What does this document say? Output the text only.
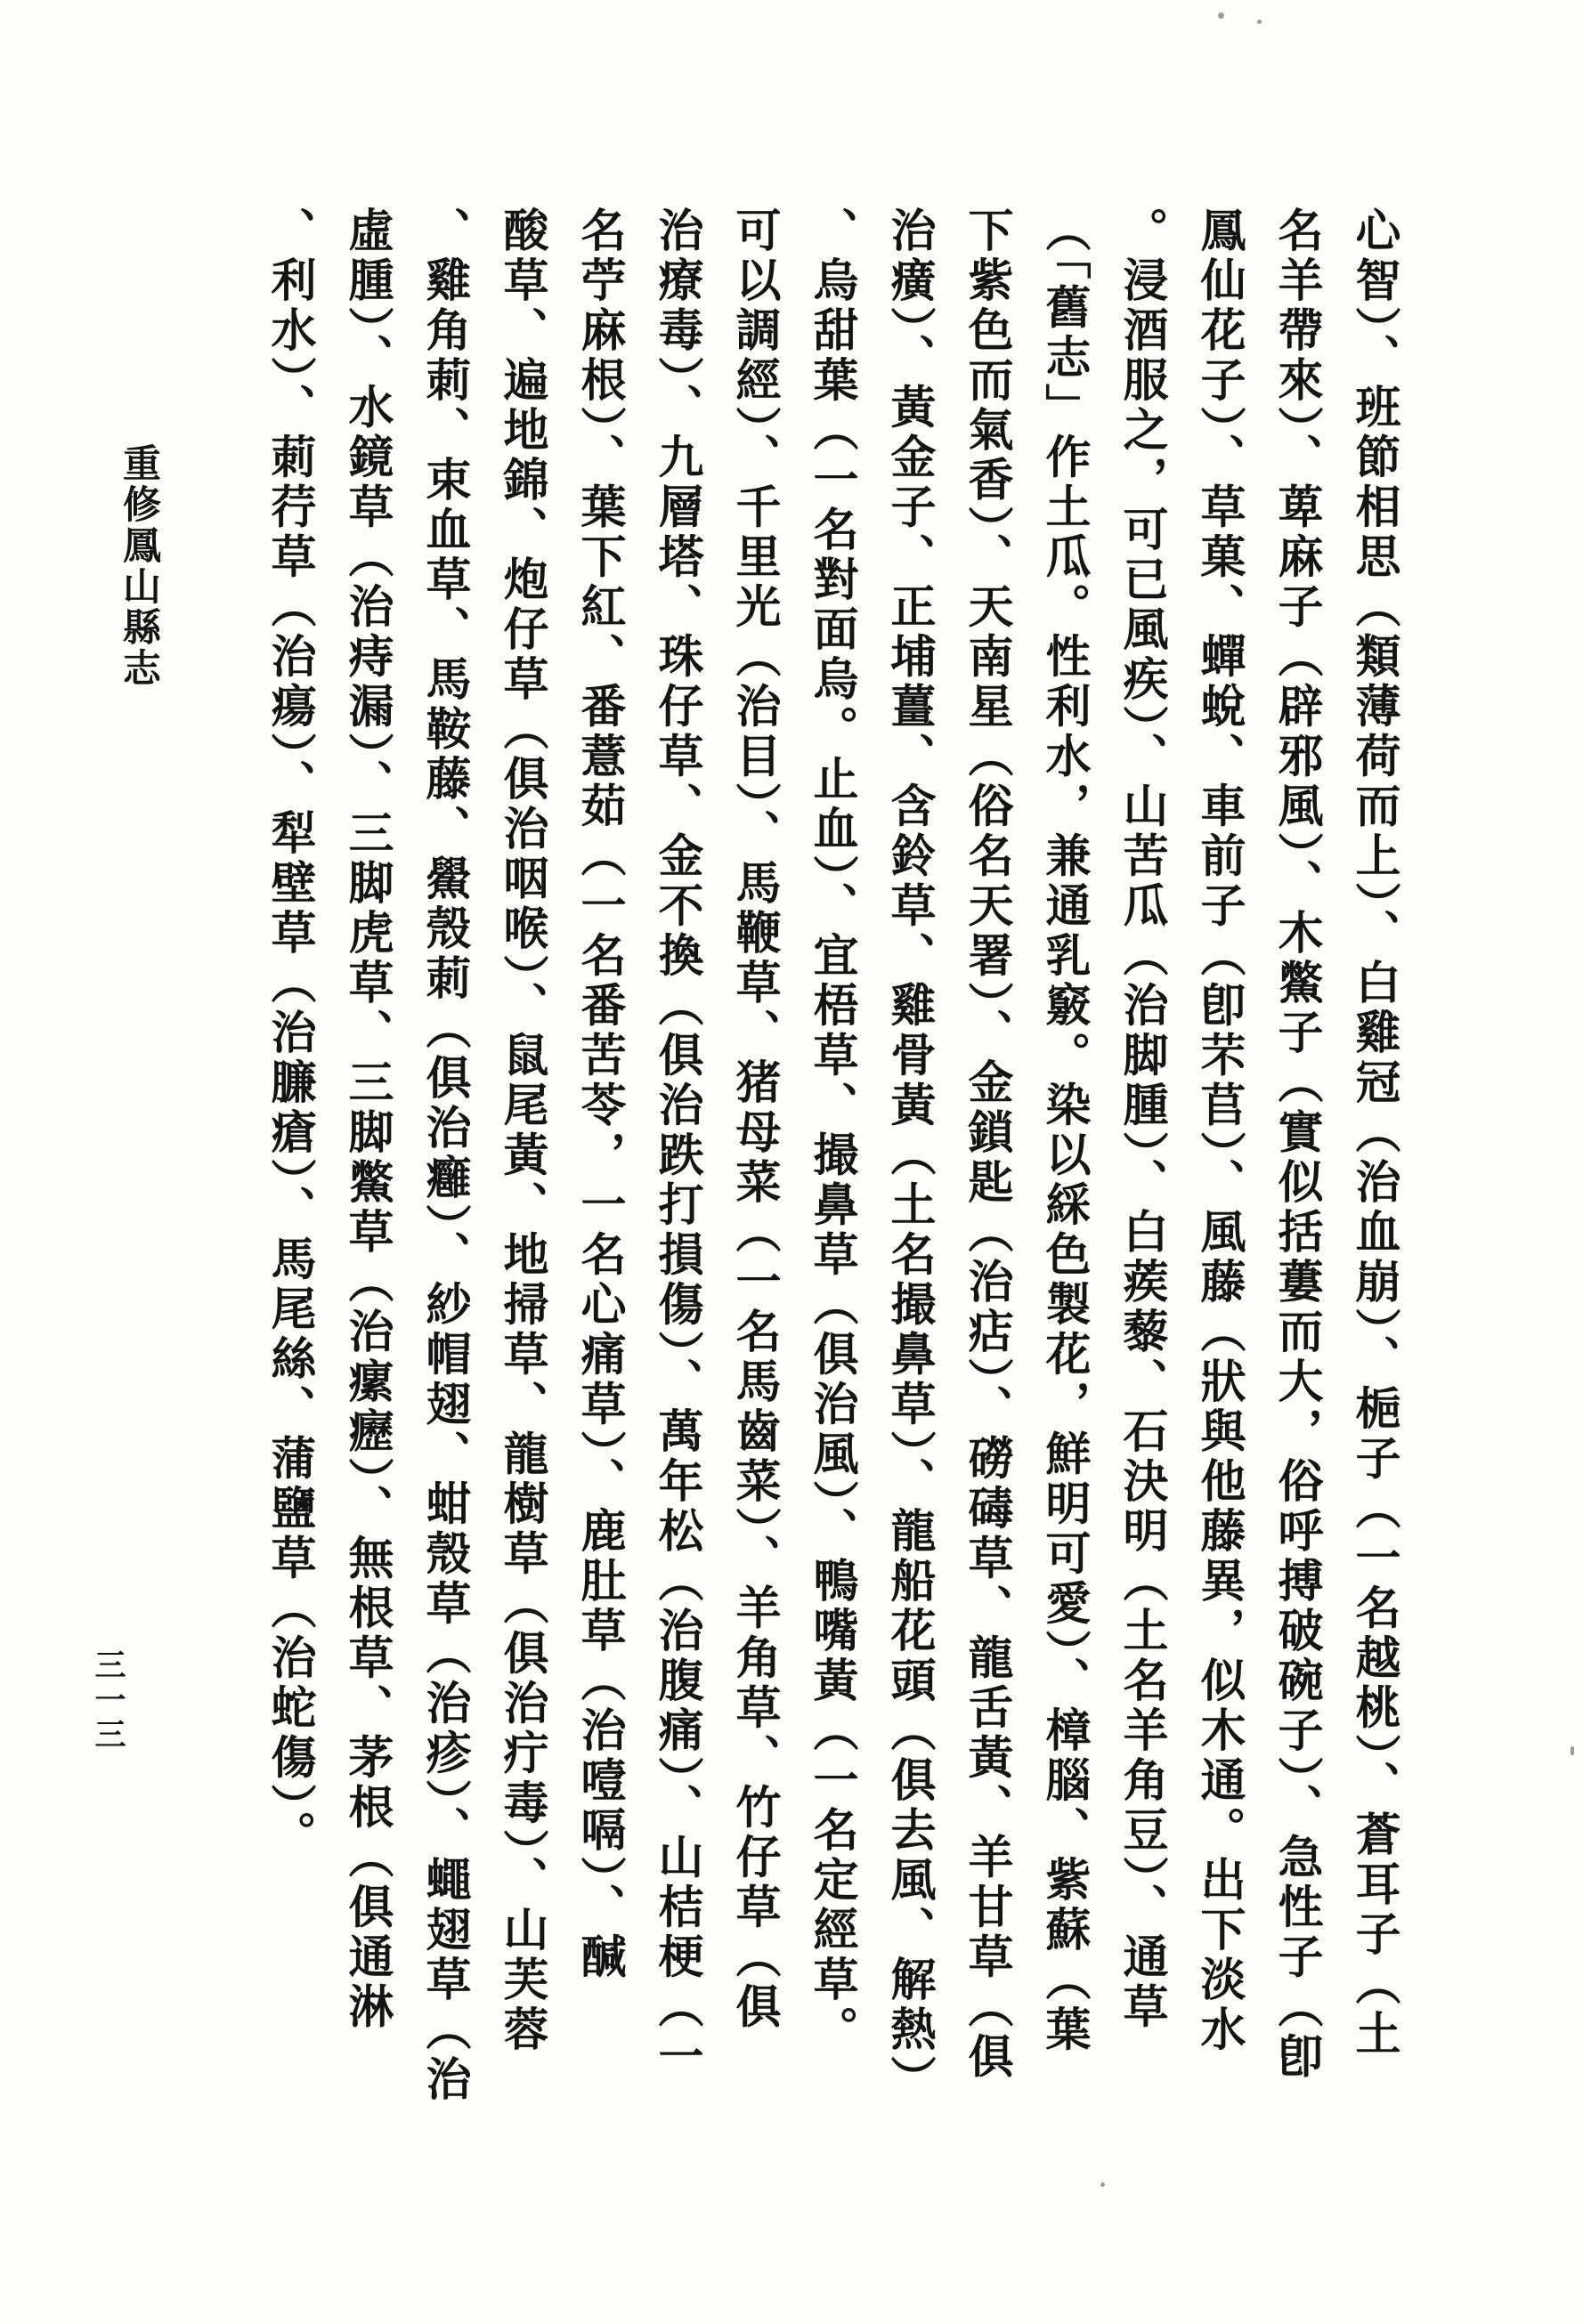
心智）、班節相思（類薄荷而上）、白雞冠（治血崩）、梔子（一名越桃）、蒼耳子（土
名羊帶來）、萆麻子（辟邪風）、木鱉子（實似括蔞而大，俗呼搏破碗子）、急性子（卽
鳳仙花子）、草菓、蟬蛻、車前子（卽芣苢）、風藤（狀與他藤異，似木通。出下淡水
。浸酒服之，可已風疾）、山苦瓜（治脚腫）、白蒺藜、石決明（土名羊角豆）、通草
（「舊志」作土瓜。性利水，兼通乳竅。染以綵色製花，鮮明可愛）、樟腦、紫蘇（葉
下紫色而氣香）、天南星（俗名天署）、金鎖匙（治痁）、磱碡草、龍舌黃、羊甘草（俱
治癀）、黃金子、正埔薑、含鈴草、雞骨黃（土名撮鼻草）、龍船花頭（俱去風、解熱）
、烏甜葉（一名對面烏。止血）、宜梧草、撮鼻草（俱治風）、鴨嘴黃（一名定經草。
可以調經）、千里光（治目）、馬鞭草、猪母菜（一名馬齒菜）、羊角草、竹仔草（俱
治療毒）、九層塔、珠仔草、金不換（俱治跌打損傷）、萬年松（治腹痛）、山桔梗（一
名苧麻根）、葉下紅、番薏茹（一名番苦苓，一名心痛草）、鹿肚草（治噎嗝）、醎
酸草、遍地錦、炮仔草（俱治咽喉）、鼠尾黃、地掃草、龍樹草（俱治疔毒）、山芙蓉
、雞角莿、束血草、馬鞍藤、鱟殼莿（俱治癰）、紗帽翅、蚶殼草（治疹）、蠅翅草（治
虛腫）、水鏡草（治痔漏）、三脚虎草、三脚鱉草（治瘰癧）、無根草、茅根（俱通淋
、利水）、莿荇草（治瘍）、犁壁草（治臁瘡）、馬尾絲、蒲鹽草（治蛇傷）。
重修鳳山縣志
三一三
